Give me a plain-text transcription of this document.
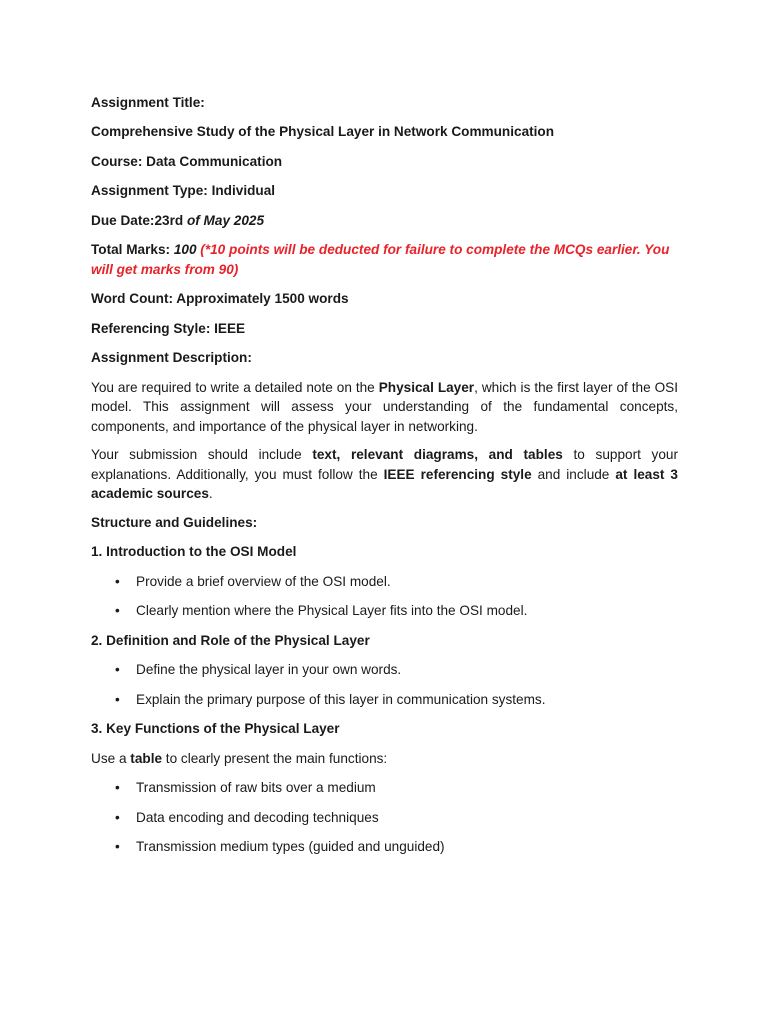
Assignment Title:

Comprehensive Study of the Physical Layer in Network Communication

Course: Data Communication

Assignment Type: Individual

Due Date:23rd of May 2025

Total Marks: 100 (*10 points will be deducted for failure to complete the MCQs earlier. You will get marks from 90)

Word Count: Approximately 1500 words

Referencing Style: IEEE

Assignment Description:

You are required to write a detailed note on the Physical Layer, which is the first layer of the OSI model. This assignment will assess your understanding of the fundamental concepts, components, and importance of the physical layer in networking.

Your submission should include text, relevant diagrams, and tables to support your explanations. Additionally, you must follow the IEEE referencing style and include at least 3 academic sources.

Structure and Guidelines:

1. Introduction to the OSI Model

• Provide a brief overview of the OSI model.
• Clearly mention where the Physical Layer fits into the OSI model.

2. Definition and Role of the Physical Layer

• Define the physical layer in your own words.
• Explain the primary purpose of this layer in communication systems.

3. Key Functions of the Physical Layer

Use a table to clearly present the main functions:

• Transmission of raw bits over a medium
• Data encoding and decoding techniques
• Transmission medium types (guided and unguided)
